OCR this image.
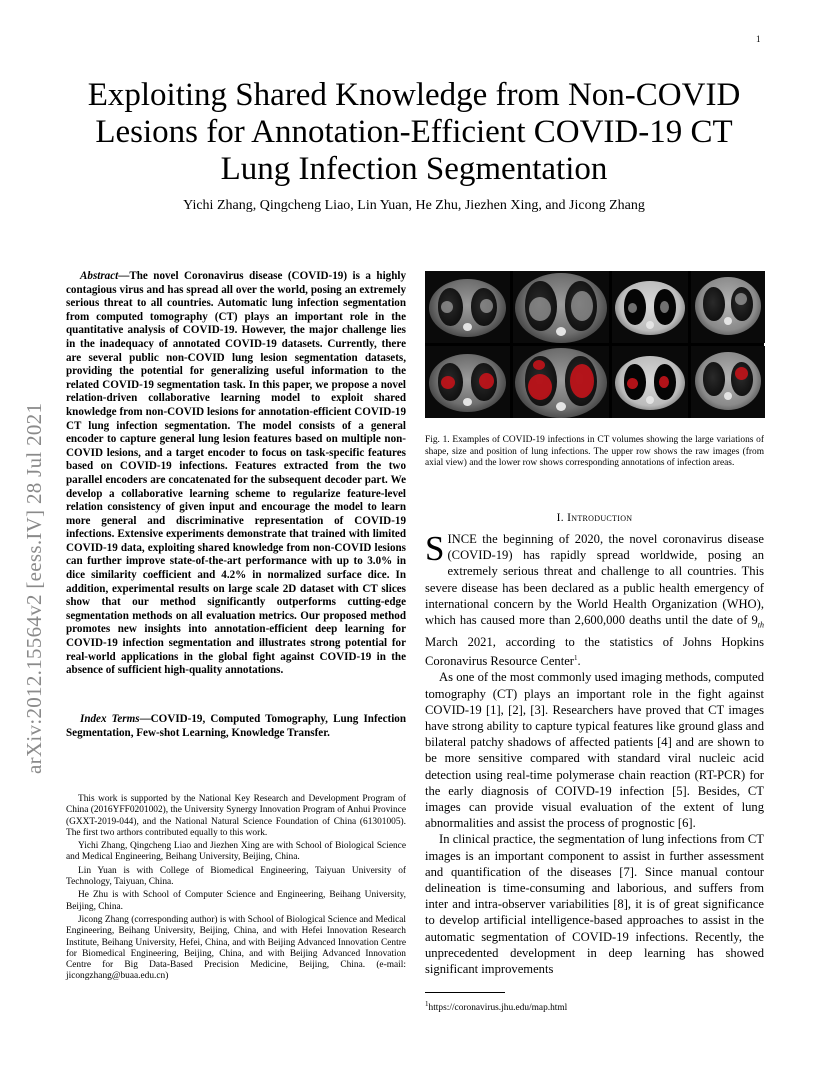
1
arXiv:2012.15564v2 [eess.IV] 28 Jul 2021
Exploiting Shared Knowledge from Non-COVID Lesions for Annotation-Efficient COVID-19 CT Lung Infection Segmentation
Yichi Zhang, Qingcheng Liao, Lin Yuan, He Zhu, Jiezhen Xing, and Jicong Zhang

Abstract—The novel Coronavirus disease (COVID-19) is a highly contagious virus and has spread all over the world, posing an extremely serious threat to all countries. Automatic lung infection segmentation from computed tomography (CT) plays an important role in the quantitative analysis of COVID-19. However, the major challenge lies in the inadequacy of annotated COVID-19 datasets. Currently, there are several public non-COVID lung lesion segmentation datasets, providing the potential for generalizing useful information to the related COVID-19 segmentation task. In this paper, we propose a novel relation-driven collaborative learning model to exploit shared knowledge from non-COVID lesions for annotation-efficient COVID-19 CT lung infection segmentation. The model consists of a general encoder to capture general lung lesion features based on multiple non-COVID lesions, and a target encoder to focus on task-specific features based on COVID-19 infections. Features extracted from the two parallel encoders are concatenated for the subsequent decoder part. We develop a collaborative learning scheme to regularize feature-level relation consistency of given input and encourage the model to learn more general and discriminative representation of COVID-19 infections. Extensive experiments demonstrate that trained with limited COVID-19 data, exploiting shared knowledge from non-COVID lesions can further improve state-of-the-art performance with up to 3.0% in dice similarity coefficient and 4.2% in normalized surface dice. In addition, experimental results on large scale 2D dataset with CT slices show that our method significantly outperforms cutting-edge segmentation methods on all evaluation metrics. Our proposed method promotes new insights into annotation-efficient deep learning for COVID-19 infection segmentation and illustrates strong potential for real-world applications in the global fight against COVID-19 in the absence of sufficient high-quality annotations.

Index Terms—COVID-19, Computed Tomography, Lung Infection Segmentation, Few-shot Learning, Knowledge Transfer.

This work is supported by the National Key Research and Development Program of China (2016YFF0201002), the University Synergy Innovation Program of Anhui Province (GXXT-2019-044), and the National Natural Science Foundation of China (61301005). The first two arthors contributed equally to this work.

Yichi Zhang, Qingcheng Liao and Jiezhen Xing are with School of Biological Science and Medical Engineering, Beihang University, Beijing, China.

Lin Yuan is with College of Biomedical Engineering, Taiyuan University of Technology, Taiyuan, China.

He Zhu is with School of Computer Science and Engineering, Beihang University, Beijing, China.

Jicong Zhang (corresponding author) is with School of Biological Science and Medical Engineering, Beihang University, Beijing, China, and with Hefei Innovation Research Institute, Beihang University, Hefei, China, and with Beijing Advanced Innovation Centre for Biomedical Engineering, Beijing, China, and with Beijing Advanced Innovation Centre for Big Data-Based Precision Medicine, Beijing, China. (e-mail: jicongzhang@buaa.edu.cn)

Fig. 1. Examples of COVID-19 infections in CT volumes showing the large variations of shape, size and position of lung infections. The upper row shows the raw images (from axial view) and the lower row shows corresponding annotations of infection areas.

I. Introduction

SINCE the beginning of 2020, the novel coronavirus disease (COVID-19) has rapidly spread worldwide, posing an extremely serious threat and challenge to all countries. This severe disease has been declared as a public health emergency of international concern by the World Health Organization (WHO), which has caused more than 2,600,000 deaths until the date of $9_{th}$ March 2021, according to the statistics of Johns Hopkins Coronavirus Resource Center$^1$.

As one of the most commonly used imaging methods, computed tomography (CT) plays an important role in the fight against COVID-19 [1], [2], [3]. Researchers have proved that CT images have strong ability to capture typical features like ground glass and bilateral patchy shadows of affected patients [4] and are shown to be more sensitive compared with standard viral nucleic acid detection using real-time polymerase chain reaction (RT-PCR) for the early diagnosis of COIVD-19 infection [5]. Besides, CT images can provide visual evaluation of the extent of lung abnormalities and assist the process of prognostic [6].

In clinical practice, the segmentation of lung infections from CT images is an important component to assist in further assessment and quantification of the diseases [7]. Since manual contour delineation is time-consuming and laborious, and suffers from inter and intra-observer variabilities [8], it is of great significance to develop artificial intelligence-based approaches to assist in the automatic segmentation of COVID-19 infections. Recently, the unprecedented development in deep learning has showed significant improvements

$^1$https://coronavirus.jhu.edu/map.html
